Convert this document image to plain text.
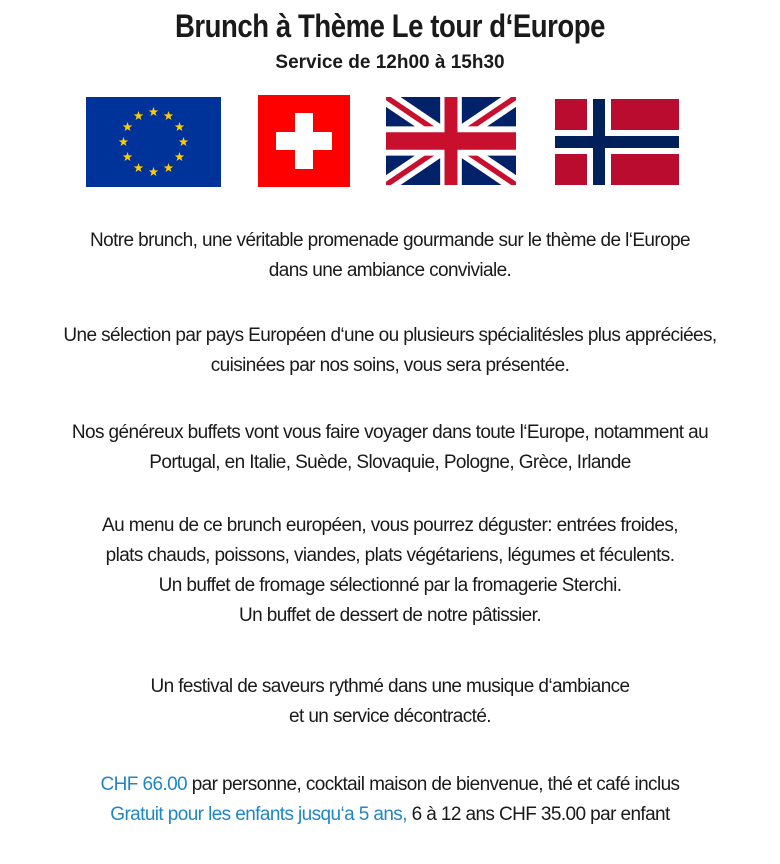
Brunch à Thème Le tour d‘Europe
Service de 12h00 à 15h30
Notre brunch, une véritable promenade gourmande sur le thème de l‘Europe
dans une ambiance conviviale.
Une sélection par pays Européen d‘une ou plusieurs spécialitésles plus appréciées,
cuisinées par nos soins, vous sera présentée.
Nos généreux buffets vont vous faire voyager dans toute l‘Europe, notamment au
Portugal, en Italie, Suède, Slovaquie, Pologne, Grèce, Irlande
Au menu de ce brunch européen, vous pourrez déguster: entrées froides,
plats chauds, poissons, viandes, plats végétariens, légumes et féculents.
Un buffet de fromage sélectionné par la fromagerie Sterchi.
Un buffet de dessert de notre pâtissier.
Un festival de saveurs rythmé dans une musique d‘ambiance
et un service décontracté.
CHF 66.00 par personne, cocktail maison de bienvenue, thé et café inclus
Gratuit pour les enfants jusqu‘a 5 ans, 6 à 12 ans CHF 35.00 par enfant
